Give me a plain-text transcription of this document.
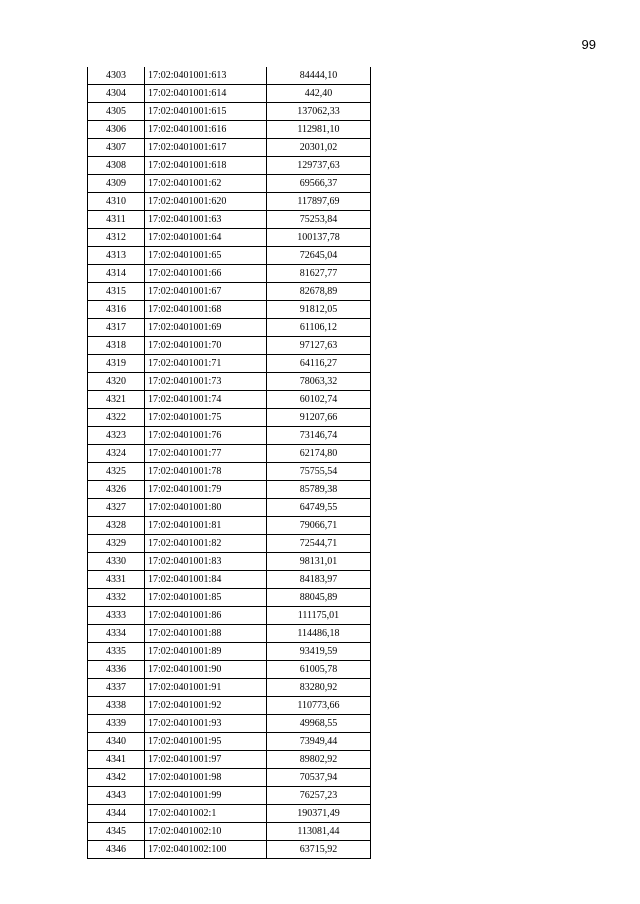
99
4303	17:02:0401001:613	84444,10
4304	17:02:0401001:614	442,40
4305	17:02:0401001:615	137062,33
4306	17:02:0401001:616	112981,10
4307	17:02:0401001:617	20301,02
4308	17:02:0401001:618	129737,63
4309	17:02:0401001:62	69566,37
4310	17:02:0401001:620	117897,69
4311	17:02:0401001:63	75253,84
4312	17:02:0401001:64	100137,78
4313	17:02:0401001:65	72645,04
4314	17:02:0401001:66	81627,77
4315	17:02:0401001:67	82678,89
4316	17:02:0401001:68	91812,05
4317	17:02:0401001:69	61106,12
4318	17:02:0401001:70	97127,63
4319	17:02:0401001:71	64116,27
4320	17:02:0401001:73	78063,32
4321	17:02:0401001:74	60102,74
4322	17:02:0401001:75	91207,66
4323	17:02:0401001:76	73146,74
4324	17:02:0401001:77	62174,80
4325	17:02:0401001:78	75755,54
4326	17:02:0401001:79	85789,38
4327	17:02:0401001:80	64749,55
4328	17:02:0401001:81	79066,71
4329	17:02:0401001:82	72544,71
4330	17:02:0401001:83	98131,01
4331	17:02:0401001:84	84183,97
4332	17:02:0401001:85	88045,89
4333	17:02:0401001:86	111175,01
4334	17:02:0401001:88	114486,18
4335	17:02:0401001:89	93419,59
4336	17:02:0401001:90	61005,78
4337	17:02:0401001:91	83280,92
4338	17:02:0401001:92	110773,66
4339	17:02:0401001:93	49968,55
4340	17:02:0401001:95	73949,44
4341	17:02:0401001:97	89802,92
4342	17:02:0401001:98	70537,94
4343	17:02:0401001:99	76257,23
4344	17:02:0401002:1	190371,49
4345	17:02:0401002:10	113081,44
4346	17:02:0401002:100	63715,92
